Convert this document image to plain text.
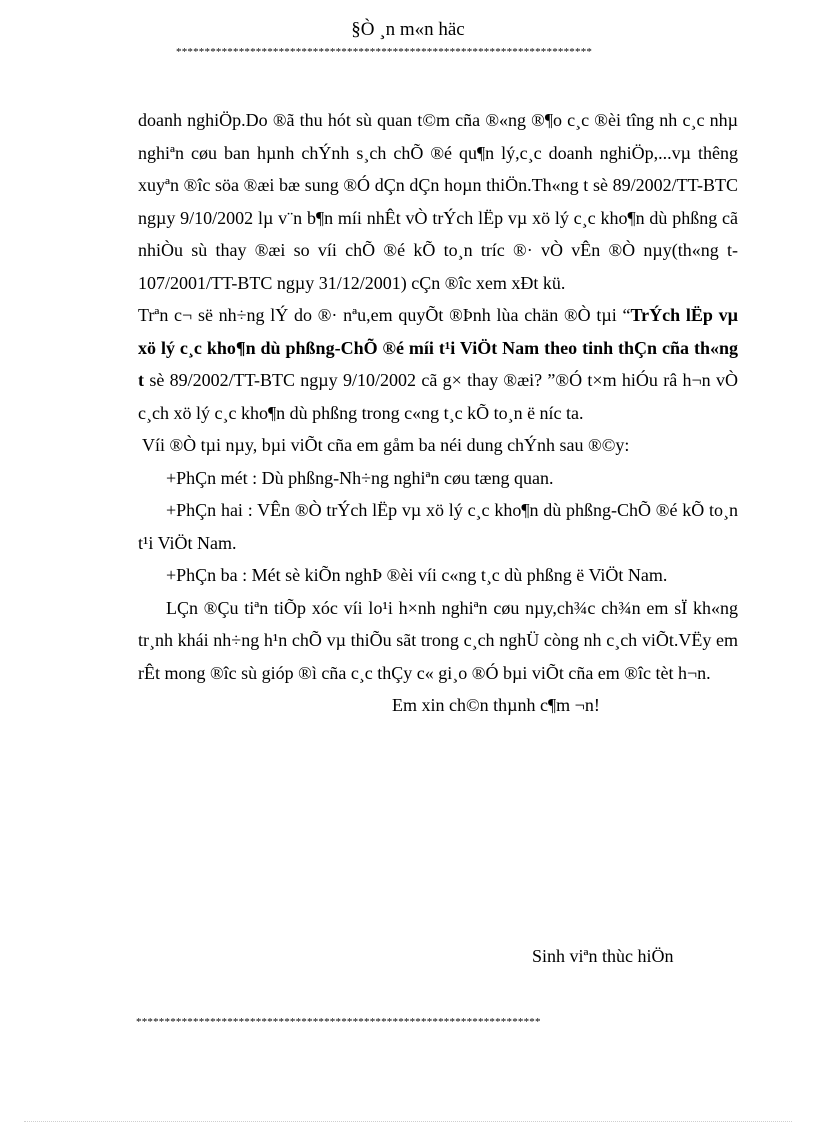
§Ò ¸n m«n häc
*************************************************************************

doanh nghiÖp.Do ®ã thu hót sù quan t©m cña ®«ng ®¶o c¸c ®èi tîng nh c¸c nhµ nghiªn cøu ban hµnh chÝnh s¸ch chÕ ®é qu¶n lý,c¸c doanh nghiÖp,...vµ thêng xuyªn ®îc söa ®æi bæ sung ®Ó dÇn dÇn hoµn thiÖn.Th«ng t sè 89/2002/TT-BTC ngµy 9/10/2002 lµ v¨n b¶n míi nhÊt vÒ trÝch lËp vµ xö lý c¸c kho¶n dù phßng cã nhiÒu sù thay ®æi so víi chÕ ®é kÕ to¸n tríc ®· vÒ vÊn ®Ò nµy(th«ng t 107/2001/TT-BTC ngµy 31/12/2001) cÇn ®îc xem xÐt kü.

Trªn c¬ së nh÷ng lÝ do ®· nªu,em quyÕt ®Þnh lùa chän ®Ò tµi “TrÝch lËp vµ xö lý c¸c kho¶n dù phßng-ChÕ ®é míi t¹i ViÖt Nam theo tinh thÇn cña th«ng t sè 89/2002/TT-BTC ngµy 9/10/2002 cã g× thay ®æi? ”®Ó t×m hiÓu râ h¬n vÒ c¸ch xö lý c¸c kho¶n dù phßng trong c«ng t¸c kÕ to¸n ë níc ta.

Víi ®Ò tµi nµy, bµi viÕt cña em gåm ba néi dung chÝnh sau ®©y:

+PhÇn mét : Dù phßng-Nh÷ng nghiªn cøu tæng quan.

+PhÇn hai : VÊn ®Ò trÝch lËp vµ xö lý c¸c kho¶n dù phßng-ChÕ ®é kÕ to¸n t¹i ViÖt Nam.

+PhÇn ba : Mét sè kiÕn nghÞ ®èi víi c«ng t¸c dù phßng ë ViÖt Nam.

LÇn ®Çu tiªn tiÕp xóc víi lo¹i h×nh nghiªn cøu nµy,ch¾c ch¾n em sÏ kh«ng tr¸nh khái nh÷ng h¹n chÕ vµ thiÕu sãt trong c¸ch nghÜ còng nh c¸ch viÕt.VËy em rÊt mong ®îc sù gióp ®ì cña c¸c thÇy c« gi¸o ®Ó bµi viÕt cña em ®îc tèt h¬n.

Em xin ch©n thµnh c¶m ¬n!

Sinh viªn thùc hiÖn
***********************************************************************
